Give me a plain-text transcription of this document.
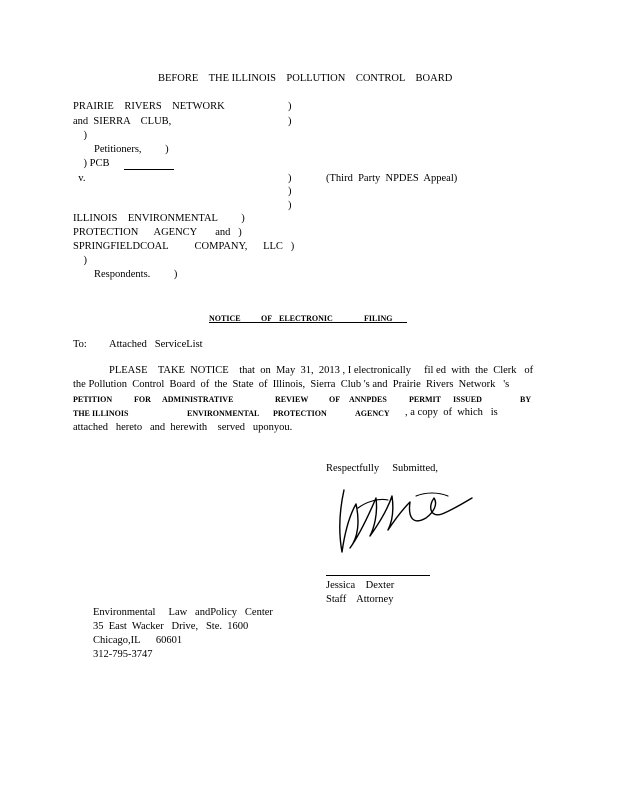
BEFORE    THE ILLINOIS    POLLUTION    CONTROL    BOARD
PRAIRIE    RIVERS    NETWORK
and  SIERRA    CLUB,
)
Petitioners,         )
) PCB
v.
)
)
)
)
)
(Third  Party  NPDES  Appeal)
ILLINOIS    ENVIRONMENTAL         )
PROTECTION      AGENCY       and   )
SPRINGFIELDCOAL          COMPANY,      LLC   )
)
Respondents.         )
NOTICE	OF ELECTRONIC	FILING
To: Attached   ServiceList
PLEASE    TAKE  NOTICE    that  on  May  31,  2013 , I electronically     fil ed  with  the  Clerk   of
the Pollution  Control  Board  of  the  State  of  Illinois,  Sierra  Club 's and  Prairie  Rivers  Network   's
PETITION	FOR ADMINISTRATIVE	REVIEW	OF ANNPDES	PERMIT ISSUED	BY
THE ILLINOIS	ENVIRONMENTAL PROTECTION	AGENCY , a copy  of  which   is
attached   hereto   and  herewith    served   uponyou.
Respectfully     Submitted,
Jessica    Dexter
Staff    Attorney
Environmental     Law   andPolicy   Center
35  East  Wacker   Drive,   Ste.  1600
Chicago,IL      60601
312-795-3747
